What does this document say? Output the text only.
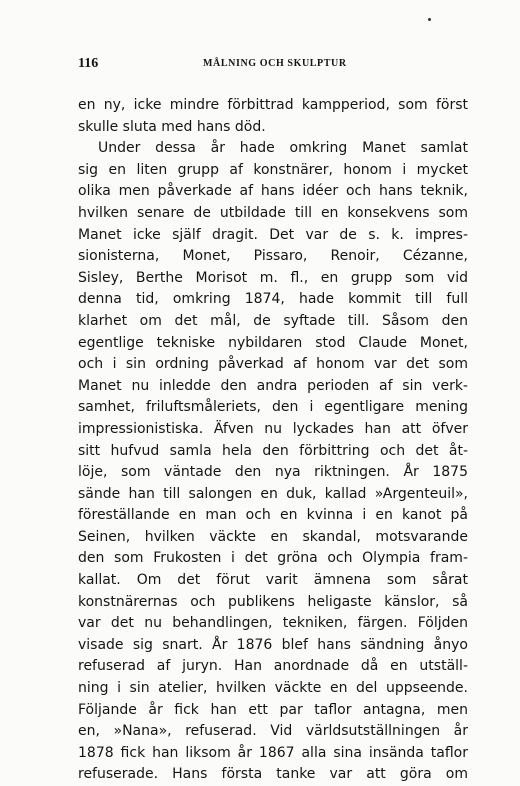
116	MÅLNING OCH SKULPTUR
en ny, icke mindre förbittrad kampperiod, som först
skulle sluta med hans död.
Under dessa år hade omkring Manet samlat
sig en liten grupp af konstnärer, honom i mycket
olika men påverkade af hans idéer och hans teknik,
hvilken senare de utbildade till en konsekvens som
Manet icke själf dragit. Det var de s. k. impres-
sionisterna, Monet, Pissaro, Renoir, Cézanne,
Sisley, Berthe Morisot m. fl., en grupp som vid
denna tid, omkring 1874, hade kommit till full
klarhet om det mål, de syftade till. Såsom den
egentlige tekniske nybildaren stod Claude Monet,
och i sin ordning påverkad af honom var det som
Manet nu inledde den andra perioden af sin verk-
samhet, friluftsmåleriets, den i egentligare mening
impressionistiska. Äfven nu lyckades han att öfver
sitt hufvud samla hela den förbittring och det åt-
löje, som väntade den nya riktningen. År 1875
sände han till salongen en duk, kallad »Argenteuil»,
föreställande en man och en kvinna i en kanot på
Seinen, hvilken väckte en skandal, motsvarande
den som Frukosten i det gröna och Olympia fram-
kallat. Om det förut varit ämnena som sårat
konstnärernas och publikens heligaste känslor, så
var det nu behandlingen, tekniken, färgen. Följden
visade sig snart. År 1876 blef hans sändning ånyo
refuserad af juryn. Han anordnade då en utställ-
ning i sin atelier, hvilken väckte en del uppseende.
Följande år fick han ett par taflor antagna, men
en, »Nana», refuserad. Vid världsutställningen år
1878 fick han liksom år 1867 alla sina insända taflor
refuserade. Hans första tanke var att göra om
